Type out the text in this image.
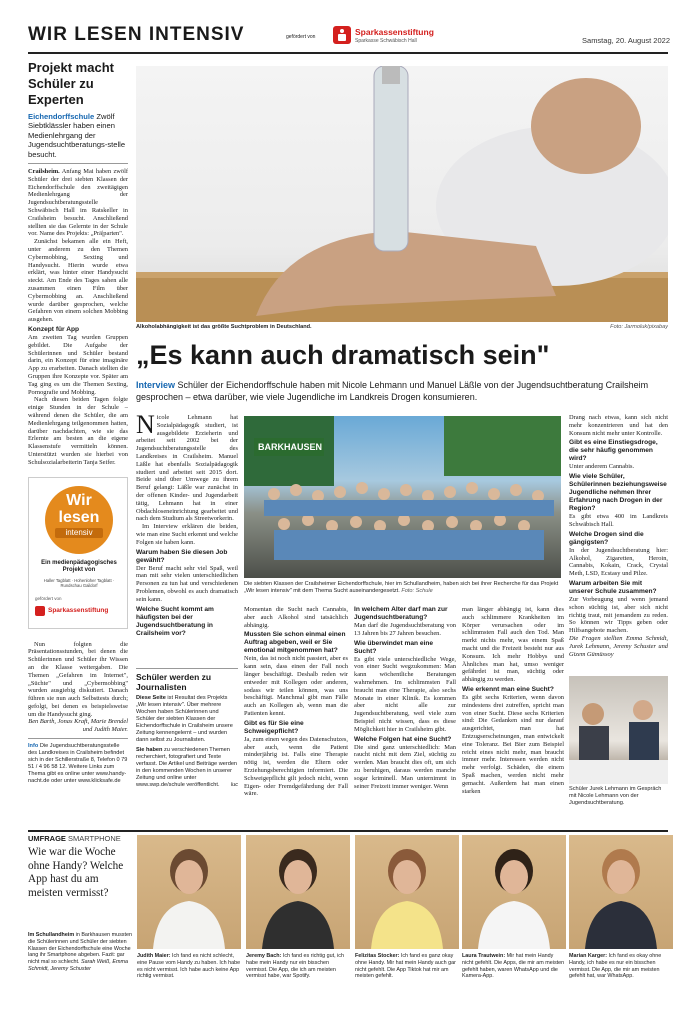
WIR LESEN INTENSIV	gefördert von	Sparkassenstiftung
Sparkasse Schwäbisch Hall	Samstag, 20. August 2022
Projekt macht Schüler zu Experten
Eichendorffschule Zwölf Siebtklässler haben einen Medienlehrgang der Jugendsuchtberatungs-stelle besucht.

Crailsheim. Anfang Mai haben zwölf Schüler der drei siebten Klassen der Eichendorffschule den zweitägigen Medienlehrgang der Jugendsuchtberatungsstelle Schwäbisch Hall im Ratskeller in Crailsheim besucht. Anschließend stellten sie das Gelernte in der Schule vor. Name des Projekts: „Prä|parten".

Zunächst bekamen alle ein Heft, unter anderem zu den Themen Cybermobbing, Sexting und Handysucht. Hierin wurde etwa erklärt, was hinter einer Handysucht steckt. Am Ende des Tages sahen alle zusammen einen Film über Cybermobbing an. Anschließend wurde darüber gesprochen, welche Gefahren von einem solchen Mobbing ausgehen.

Konzept für App

Am zweiten Tag wurden Gruppen gebildet. Die Aufgabe der Schülerinnen und Schüler bestand darin, ein Konzept für eine imaginäre App zu erarbeiten. Danach stellten die Gruppen ihre Konzepte vor. Später am Tag ging es um die Themen Sexting, Pornografie und Mobbing.

Nach diesen beiden Tagen folgte einige Stunden in der Schule – während denen die Schüler, die am Medienlehrgang teilgenommen hatten, darüber nachdachten, wie sie das Erlernte am besten an die eigene Klassenstufe vermitteln können. Unterstützt wurden sie hierbei von Schulsozialarbeiterin Tanja Seifer.

Wir
lesen
intensiv
Ein medienpädagogisches Projekt von
Haller Tagblatt · Hohenloher Tagblatt · Rundschau Gaildorf
gefördert von
Sparkassenstiftung

Nun folgten die Präsentationsstunden, bei denen die Schülerinnen und Schüler ihr Wissen an die Klasse weitergaben. Die Themen „Gefahren im Internet", „Süchte" und „Cybermobbing" wurden ausgiebig diskutiert. Danach führen sie nun auch Selbsttests durch; gefolgt, bei denen es beispielsweise um die Handysucht ging.

Ben Barth, Jonas Kraft, Marie Brendel und Judith Maier.

Info Die Jugendsuchtberatungsstelle des Landkreises in Crailsheim befindet sich in der Schillerstraße 8, Telefon 0 79 51 / 4 96 58 12. Weitere Links zum Thema gibt es online unter www.handy-nacht.de oder unter www.klicksafe.de
Alkoholabhängigkeit ist das größte Suchtproblem in Deutschland.	Foto: Jarmoluk/pixabay
„Es kann auch dramatisch sein"
Interview Schüler der Eichendorffschule haben mit Nicole Lehmann und Manuel Läßle von der Jugendsuchtberatung Crailsheim gesprochen – etwa darüber, wie viele Jugendliche im Landkreis Drogen konsumieren.

Nicole Lehmann hat Sozialpädagogik studiert, ist ausgebildete Erzieherin und arbeitet seit 2002 bei der Jugendsuchtberatungsstelle des Landkreises in Crailsheim. Manuel Läßle hat ebenfalls Sozialpädagogik studiert und arbeitet seit 2015 dort. Beide sind über Umwege zu ihrem Beruf gelangt: Läßle war zunächst in der offenen Kinder- und Jugendarbeit tätig, Lehmann hat in einer Obdachloseneinrichtung gearbeitet und nach dem Studium als Streetworkerin.

Im Interview erklären die beiden, wie man eine Sucht erkennt und welche Folgen sie haben kann.

Warum haben Sie diesen Job gewählt?

Der Beruf macht sehr viel Spaß, weil man mit sehr vielen unterschiedlichen Personen zu tun hat und verschiedenen Problemen, obwohl es auch dramatisch sein kann.

Welche Sucht kommt am häufigsten bei der Jugendsuchtberatung in Crailsheim vor?
BARKHAUSEN
Die siebten Klassen der Crailsheimer Eichendorffschule, hier im Schullandheim, haben sich bei ihrer Recherche für das Projekt „Wir lesen intensiv" mit dem Thema Sucht auseinandergesetzt. Foto: Schule

Momentan die Sucht nach Cannabis, aber auch Alkohol sind tatsächlich abhängig.

Mussten Sie schon einmal einen Auftrag abgeben, weil er Sie emotional mitgenommen hat?

Nein, das ist noch nicht passiert, aber es kann sein, dass einen der Fall noch länger beschäftigt. Deshalb reden wir entweder mit Kollegen oder anderen, sodass wir teilen können, was uns beschäftigt. Manchmal gibt man Fälle auch an Kollegen ab, wenn man die Patienten kennt.

Gibt es für Sie eine Schweigepflicht?

Ja, zum einen wegen des Datenschutzes, aber auch, wenn die Patient minderjährig ist. Falls eine Therapie nötig ist, werden die Eltern oder Erziehungsberechtigten informiert. Die Schweigepflicht gilt jedoch nicht, wenn Eigen- oder Fremdgefährdung der Fall wäre.

Schüler werden zu Journalisten
Diese Seite ist Resultat des Projekts „Wir lesen intensiv". Über mehrere Wochen haben Schülerinnen und Schüler der siebten Klassen der Eichendorffschule in Crailsheim unsere Zeitung kennengelernt – und wurden dann selbst zu Journalisten.
Sie haben zu verschiedenen Themen recherchiert, fotografiert und Texte verfasst. Die Artikel und Beiträge werden in den kommenden Wochen in unserer Zeitung und online unter www.swp.de/schule veröffentlicht. luc
In welchem Alter darf man zur Jugendsuchtberatung?

Man darf die Jugendsuchtberatung von 13 Jahren bis 27 Jahren besuchen.

Wie überwindet man eine Sucht?

Es gibt viele unterschiedliche Wege, von einer Sucht wegzukommen: Man kann wöchentliche Beratungen wahrnehmen. Im schlimmsten Fall braucht man eine Therapie, also sechs Monate in einer Klinik. Es kommen aber nicht alle zur Jugendsuchtberatung, weil viele zum Beispiel nicht wissen, dass es diese Möglichkeit hier in Crailsheim gibt.

Welche Folgen hat eine Sucht?

Die sind ganz unterschiedlich: Man raucht nicht mit dem Ziel, süchtig zu werden. Man braucht dies oft, um sich zu beruhigen, daraus werden manche sogar kriminell. Man unternimmt in seiner Freizeit immer weniger. Wenn

man länger abhängig ist, kann dies auch schlimmere Krankheiten im Körper verursachen oder im schlimmsten Fall auch den Tod. Man merkt nichts mehr, was einem Spaß macht und die Freizeit besteht nur aus Konsum. Ich mehr Hobbys und Ähnliches man hat, umso weniger gefährdet ist man, süchtig oder abhängig zu werden.

Wie erkennt man eine Sucht?

Es gibt sechs Kriterien, wenn davon mindestens drei zutreffen, spricht man von einer Sucht. Diese sechs Kriterien sind: Die Gedanken sind nur darauf ausgerichtet, man hat Entzugserscheinungen, man entwickelt eine Toleranz. Bei Bier zum Beispiel reicht eines nicht mehr, man braucht immer mehr. Interessen werden nicht mehr verfolgt. Schäden, die einem Spaß machen, werden nicht mehr gemacht. Außerdem hat man einen starken

Drang nach etwas, kann sich nicht mehr konzentrieren und hat den Konsum nicht mehr unter Kontrolle.

Gibt es eine Einstiegsdroge, die sehr häufig genommen wird?

Unter anderem Cannabis.

Wie viele Schüler, Schülerinnen beziehungsweise Jugendliche nehmen Ihrer Erfahrung nach Drogen in der Region?

Es gibt etwa 400 im Landkreis Schwäbisch Hall.

Welche Drogen sind die gängigsten?

In der Jugendsuchtberatung hier: Alkohol, Zigaretten, Heroin, Cannabis, Kokain, Crack, Crystal Meth, LSD, Ecstasy und Pilze.

Warum arbeiten Sie mit unserer Schule zusammen?

Zur Vorbeugung und wenn jemand schon süchtig ist, aber sich nicht richtig traut, mit jemandem zu reden. So können wir Tipps geben oder Hilfsangebote machen.

Die Fragen stellten Emma Schmidt, Jurek Lehmann, Jeremy Schuster und Gizem Gümüssoy

Schüler Jurek Lehmann im Gespräch mit Nicole Lehmann von der Jugendsuchtberatung.
UMFRAGE SMARTPHONE
Wie war die Woche ohne Handy? Welche App hast du am meisten vermisst?
Im Schullandheim in Barkhausen mussten die Schülerinnen und Schüler der siebten Klassen der Eichendorffschule eine Woche lang ihr Smartphone abgeben. Fazit: gar nicht mal so schlecht. Sarah Weiß, Emma Schmidt, Jeremy Schuster
Judith Maier: Ich fand es nicht schlecht, eine Pause vom Handy zu haben. Ich habe es nicht vermisst. Ich habe auch keine App richtig vermisst.
Jeremy Bach: Ich fand es richtig gut, ich habe mein Handy nur ein bisschen vermisst. Die App, die ich am meisten vermisst habe, war Spotify.
Felizitas Stocker: Ich fand es ganz okay ohne Handy. Mir hat mein Handy auch gar nicht gefehlt. Die App Tiktok hat mir am meisten gefehlt.
Laura Trautwein: Mir hat mein Handy nicht gefehlt. Die Apps, die mir am meisten gefehlt haben, waren WhatsApp und die Kamera-App.
Marian Karger: Ich fand es okay ohne Handy, ich habe es nur ein bisschen vermisst. Die App, die mir am meisten gefehlt hat, war WhatsApp.
